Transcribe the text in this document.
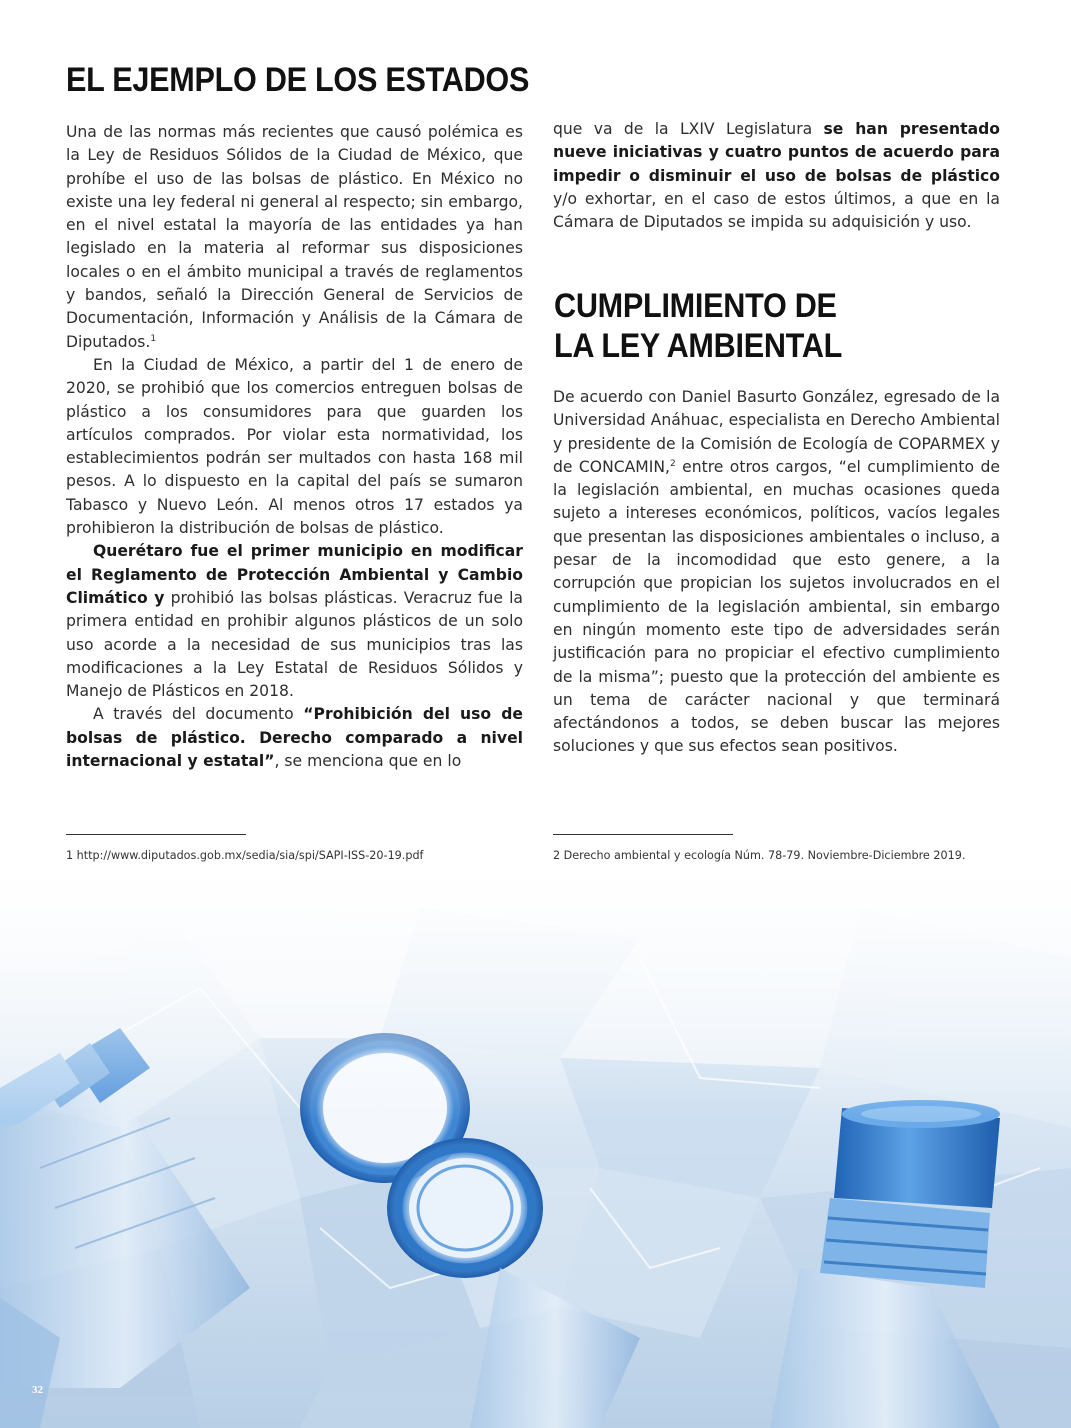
EL EJEMPLO DE LOS ESTADOS

Una de las normas más recientes que causó polémica es la Ley de Residuos Sólidos de la Ciudad de México, que prohíbe el uso de las bolsas de plástico. En México no existe una ley federal ni general al respecto; sin embargo, en el nivel estatal la mayoría de las entidades ya han legislado en la materia al reformar sus disposiciones locales o en el ámbito municipal a través de reglamentos y bandos, señaló la Dirección General de Servicios de Documentación, Información y Análisis de la Cámara de Diputados.$^1$

En la Ciudad de México, a partir del 1 de enero de 2020, se prohibió que los comercios entreguen bolsas de plástico a los consumidores para que guarden los artículos comprados. Por violar esta normatividad, los establecimientos podrán ser multados con hasta 168 mil pesos. A lo dispuesto en la capital del país se sumaron Tabasco y Nuevo León. Al menos otros 17 estados ya prohibieron la distribución de bolsas de plástico.

Querétaro fue el primer municipio en modificar el Reglamento de Protección Ambiental y Cambio Climático y prohibió las bolsas plásticas. Veracruz fue la primera entidad en prohibir algunos plásticos de un solo uso acorde a la necesidad de sus municipios tras las modificaciones a la Ley Estatal de Residuos Sólidos y Manejo de Plásticos en 2018.

A través del documento “Prohibición del uso de bolsas de plástico. Derecho comparado a nivel internacional y estatal”, se menciona que en lo

que va de la LXIV Legislatura se han presentado nueve iniciativas y cuatro puntos de acuerdo para impedir o disminuir el uso de bolsas de plástico y/o exhortar, en el caso de estos últimos, a que en la Cámara de Diputados se impida su adquisición y uso.

CUMPLIMIENTO DE
LA LEY AMBIENTAL

De acuerdo con Daniel Basurto González, egresado de la Universidad Anáhuac, especialista en Derecho Ambiental y presidente de la Comisión de Ecología de COPARMEX y de CONCAMIN,$^2$ entre otros cargos, “el cumplimiento de la legislación ambiental, en muchas ocasiones queda sujeto a intereses económicos, políticos, vacíos legales que presentan las disposiciones ambientales o incluso, a pesar de la incomodidad que esto genere, a la corrupción que propician los sujetos involucrados en el cumplimiento de la legislación ambiental, sin embargo en ningún momento este tipo de adversidades serán justificación para no propiciar el efectivo cumplimiento de la misma”; puesto que la protección del ambiente es un tema de carácter nacional y que terminará afectándonos a todos, se deben buscar las mejores soluciones y que sus efectos sean positivos.

1 http://www.diputados.gob.mx/sedia/sia/spi/SAPI-ISS-20-19.pdf	2 Derecho ambiental y ecología Núm. 78-79. Noviembre-Diciembre 2019.
32
